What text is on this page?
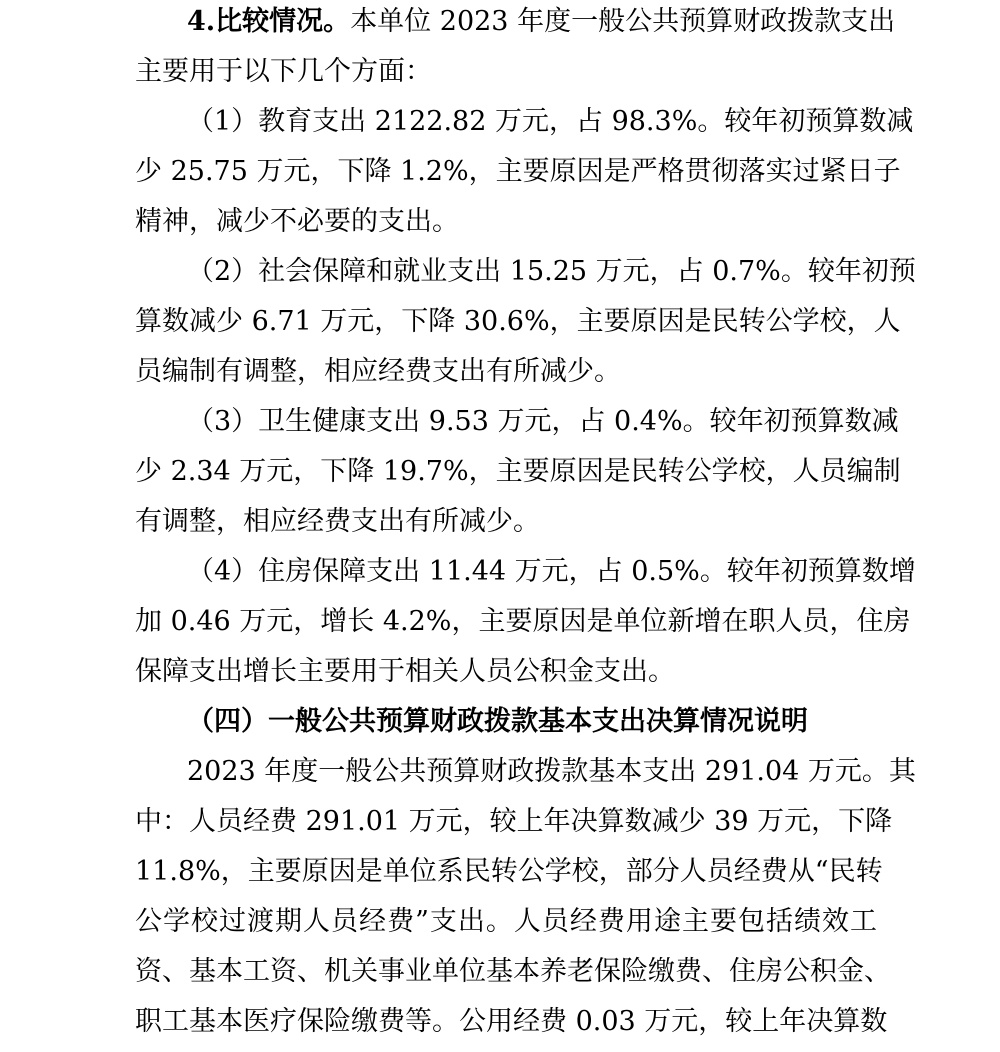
4.比较情况。本单位 2023 年度一般公共预算财政拨款支出
主要用于以下几个方面：
（1）教育支出 2122.82 万元，占 98.3%。较年初预算数减
少 25.75 万元，下降 1.2%，主要原因是严格贯彻落实过紧日子
精神，减少不必要的支出。
（2）社会保障和就业支出 15.25 万元，占 0.7%。较年初预
算数减少 6.71 万元，下降 30.6%，主要原因是民转公学校，人
员编制有调整，相应经费支出有所减少。
（3）卫生健康支出 9.53 万元，占 0.4%。较年初预算数减
少 2.34 万元，下降 19.7%，主要原因是民转公学校，人员编制
有调整，相应经费支出有所减少。
（4）住房保障支出 11.44 万元，占 0.5%。较年初预算数增
加 0.46 万元，增长 4.2%，主要原因是单位新增在职人员，住房
保障支出增长主要用于相关人员公积金支出。
（四）一般公共预算财政拨款基本支出决算情况说明
2023 年度一般公共预算财政拨款基本支出 291.04 万元。其
中：人员经费 291.01 万元，较上年决算数减少 39 万元，下降
11.8%，主要原因是单位系民转公学校，部分人员经费从“民转
公学校过渡期人员经费”支出。人员经费用途主要包括绩效工
资、基本工资、机关事业单位基本养老保险缴费、住房公积金、
职工基本医疗保险缴费等。公用经费 0.03 万元，较上年决算数
